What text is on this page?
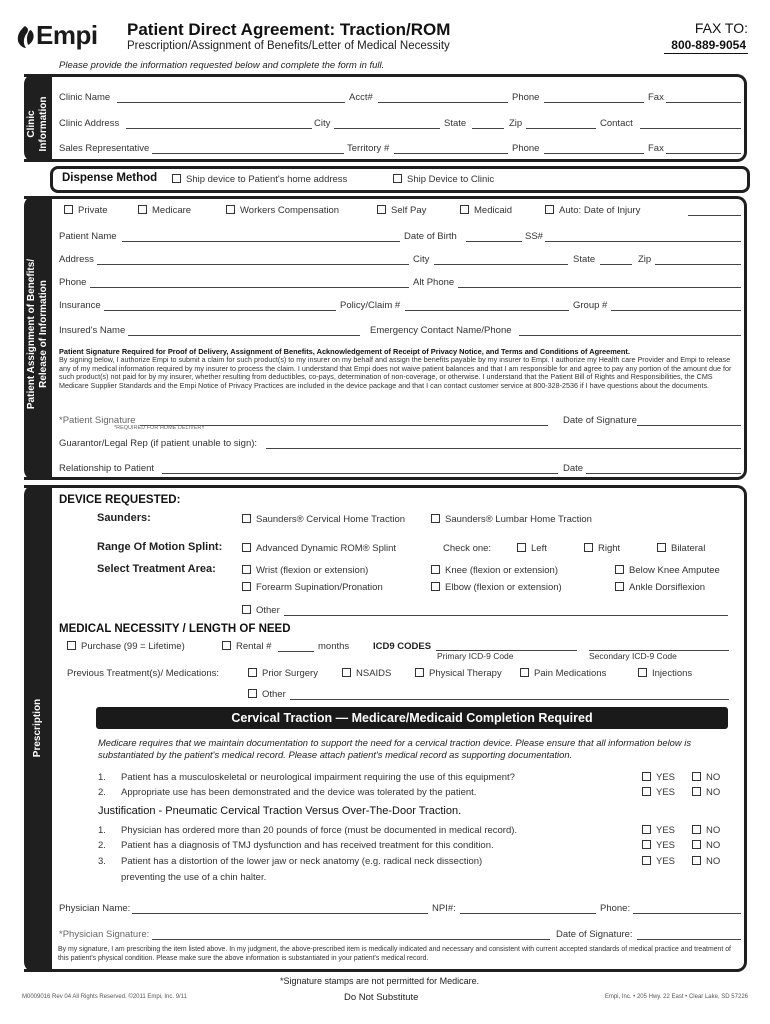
Empi Patient Direct Agreement: Traction/ROM
Prescription/Assignment of Benefits/Letter of Medical Necessity
FAX TO:
800-889-9054
Please provide the information requested below and complete the form in full.
Clinic
Information Clinic Name	Acct#	Phone	Fax
Clinic Address	City	State	Zip	Contact
Sales Representative	Territory #	Phone	Fax
Dispense Method	Ship device to Patient's home address	Ship Device to Clinic
Patient Assignment of Benefits/
Release of Information
Private	Medicare	Workers Compensation	Self Pay	Medicaid	Auto: Date of Injury
Patient Name	Date of Birth	SS#
Address	City	State	Zip
Phone	Alt Phone
Insurance	Policy/Claim #	Group #
Insured's Name	Emergency Contact Name/Phone
Patient Signature Required for Proof of Delivery, Assignment of Benefits, Acknowledgement of Receipt of Privacy Notice, and Terms and Conditions of Agreement.
By signing below, I authorize Empi to submit a claim for such product(s) to my insurer on my behalf and assign the benefits payable by my insurer to Empi. I authorize my Health care Provider and Empi to release any of my medical information required by my insurer to process the claim. I understand that Empi does not waive patient balances and that I am responsible for and agree to pay any portion of the amount due for such product(s) not paid for by my insurer, whether resulting from deductibles, co-pays, determination of non-coverage, or otherwise. I understand that the Patient Bill of Rights and Responsibilities, the CMS Medicare Supplier Standards and the Empi Notice of Privacy Practices are included in the device package and that I can contact customer service at 800-328-2536 if I have questions about the documents.
*Patient Signature
*REQUIRED FOR HOME DELIVERY
Date of Signature
Guarantor/Legal Rep (if patient unable to sign):
Relationship to Patient	Date
Prescription
DEVICE REQUESTED:
Saunders:	Saunders® Cervical Home Traction	Saunders® Lumbar Home Traction
Range Of Motion Splint:	Advanced Dynamic ROM® Splint	Check one:	Left	Right	Bilateral
Select Treatment Area:	Wrist (flexion or extension)	Knee (flexion or extension)	Below Knee Amputee
Forearm Supination/Pronation	Elbow (flexion or extension)	Ankle Dorsiflexion
Other
MEDICAL NECESSITY / LENGTH OF NEED
Purchase (99 = Lifetime)	Rental #	months	ICD9 CODES
Primary ICD-9 Code	Secondary ICD-9 Code
Previous Treatment(s)/ Medications:	Prior Surgery	NSAIDS	Physical Therapy	Pain Medications	Injections
Other
Cervical Traction — Medicare/Medicaid Completion Required
Medicare requires that we maintain documentation to support the need for a cervical traction device. Please ensure that all information below is substantiated by the patient's medical record. Please attach patient's medical record as supporting documentation.
1. Patient has a musculoskeletal or neurological impairment requiring the use of this equipment?	YES	NO
2. Appropriate use has been demonstrated and the device was tolerated by the patient.	YES	NO
Justification - Pneumatic Cervical Traction Versus Over-The-Door Traction.
1. Physician has ordered more than 20 pounds of force (must be documented in medical record).	YES	NO
2. Patient has a diagnosis of TMJ dysfunction and has received treatment for this condition.	YES	NO
3. Patient has a distortion of the lower jaw or neck anatomy (e.g. radical neck dissection)
preventing the use of a chin halter.
YES	NO
Physician Name:	NPI#:	Phone:
*Physician Signature:	Date of Signature:
By my signature, I am prescribing the item listed above. In my judgment, the above-prescribed item is medically indicated and necessary and consistent with current accepted standards of medical practice and treatment of this patient's physical condition. Please make sure the above information is substantiated in your patient's medical record.
*Signature stamps are not permitted for Medicare.
M0009016 Rev 04 All Rights Reserved. ©2011 Empi, Inc. 9/11	Do Not Substitute	Empi, Inc. • 205 Hwy. 22 East • Clear Lake, SD 57226
